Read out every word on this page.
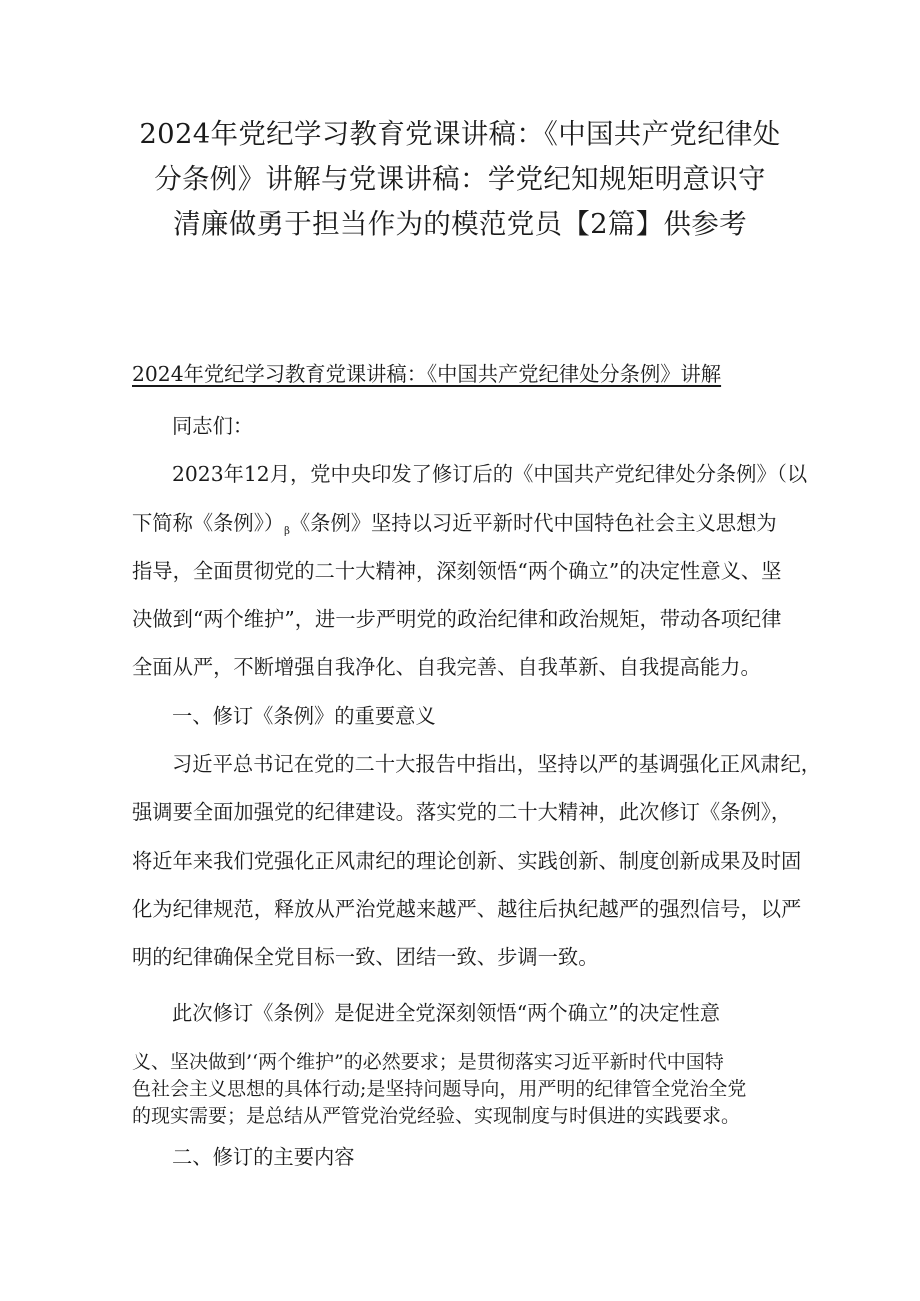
2024年党纪学习教育党课讲稿：《中国共产党纪律处
分条例》讲解与党课讲稿：学党纪知规矩明意识守
清廉做勇于担当作为的模范党员【2篇】供参考
2024年党纪学习教育党课讲稿：《中国共产党纪律处分条例》讲解
同志们：
2023年12月，党中央印发了修订后的《中国共产党纪律处分条例》（以
下简称《条例》）β《条例》坚持以习近平新时代中国特色社会主义思想为
指导，全面贯彻党的二十大精神，深刻领悟“两个确立”的决定性意义、坚
决做到“两个维护”，进一步严明党的政治纪律和政治规矩，带动各项纪律
全面从严，不断增强自我净化、自我完善、自我革新、自我提高能力。
一、修订《条例》的重要意义
习近平总书记在党的二十大报告中指出，坚持以严的基调强化正风肃纪，
强调要全面加强党的纪律建设。落实党的二十大精神，此次修订《条例》，
将近年来我们党强化正风肃纪的理论创新、实践创新、制度创新成果及时固
化为纪律规范，释放从严治党越来越严、越往后执纪越严的强烈信号，以严
明的纪律确保全党目标一致、团结一致、步调一致。
此次修订《条例》是促进全党深刻领悟“两个确立”的决定性意
义、坚决做到’‘两个维护”的必然要求；是贯彻落实习近平新时代中国特
色社会主义思想的具体行动;是坚持问题导向，用严明的纪律管全党治全党
的现实需要；是总结从严管党治党经验、实现制度与时俱进的实践要求。
二、修订的主要内容
